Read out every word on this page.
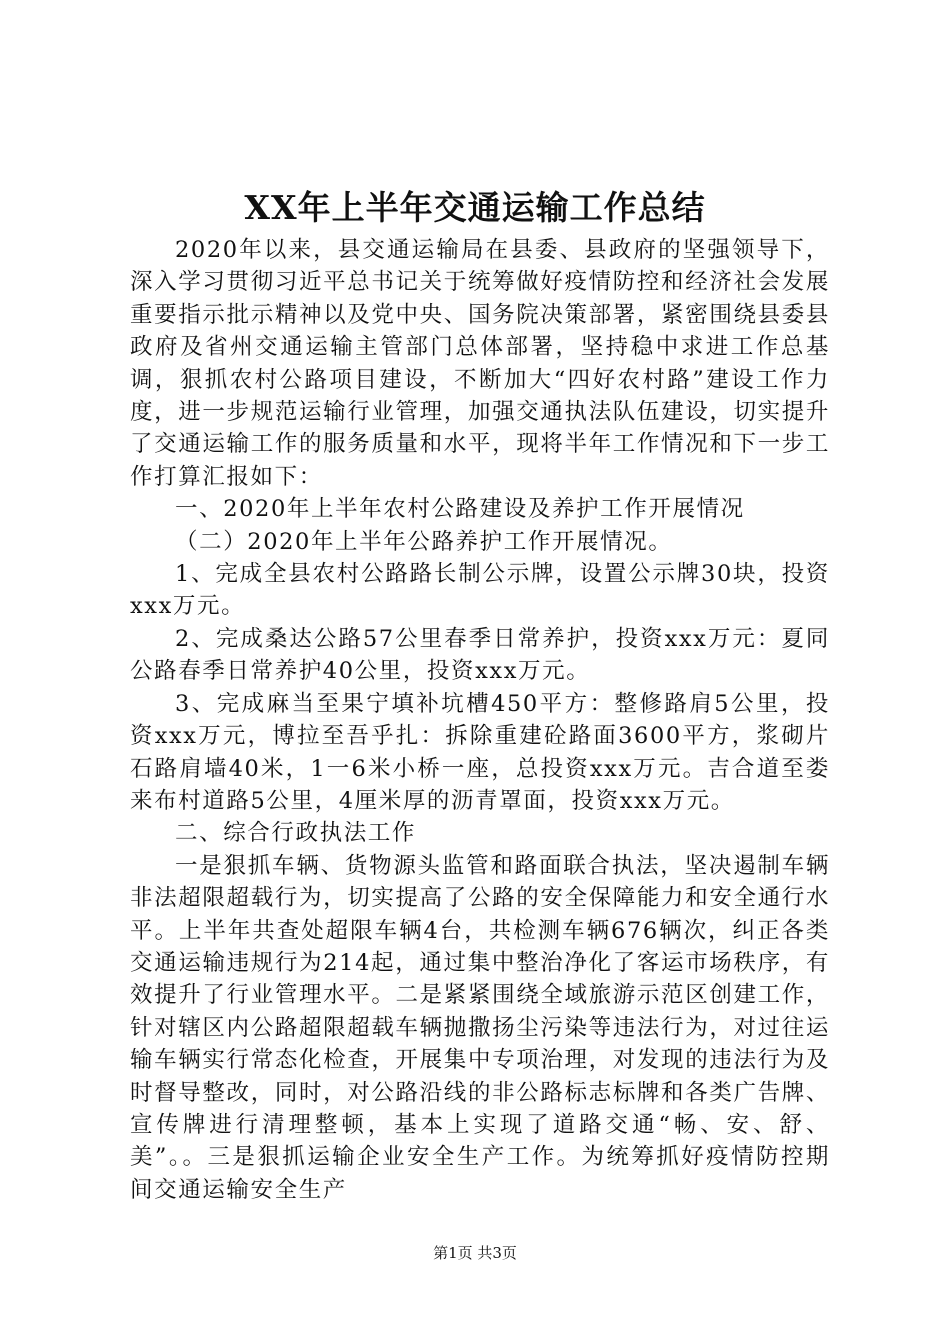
XX年上半年交通运输工作总结

2020年以来，县交通运输局在县委、县政府的坚强领导下，深入学习贯彻习近平总书记关于统筹做好疫情防控和经济社会发展重要指示批示精神以及党中央、国务院决策部署，紧密围绕县委县政府及省州交通运输主管部门总体部署，坚持稳中求进工作总基调，狠抓农村公路项目建设，不断加大“四好农村路”建设工作力度，进一步规范运输行业管理，加强交通执法队伍建设，切实提升了交通运输工作的服务质量和水平，现将半年工作情况和下一步工作打算汇报如下：

一、2020年上半年农村公路建设及养护工作开展情况

（二）2020年上半年公路养护工作开展情况。

1、完成全县农村公路路长制公示牌，设置公示牌30块，投资xxx万元。

2、完成桑达公路57公里春季日常养护，投资xxx万元：夏同公路春季日常养护40公里，投资xxx万元。

3、完成麻当至果宁填补坑槽450平方：整修路肩5公里，投资xxx万元，博拉至吾乎扎：拆除重建砼路面3600平方，浆砌片石路肩墙40米，1一6米小桥一座，总投资xxx万元。吉合道至娄来布村道路5公里，4厘米厚的沥青罩面，投资xxx万元。

二、综合行政执法工作

一是狠抓车辆、货物源头监管和路面联合执法，坚决遏制车辆非法超限超载行为，切实提高了公路的安全保障能力和安全通行水平。上半年共查处超限车辆4台，共检测车辆676辆次，纠正各类交通运输违规行为214起，通过集中整治净化了客运市场秩序，有效提升了行业管理水平。二是紧紧围绕全域旅游示范区创建工作，针对辖区内公路超限超载车辆抛撒扬尘污染等违法行为，对过往运输车辆实行常态化检查，开展集中专项治理，对发现的违法行为及时督导整改，同时，对公路沿线的非公路标志标牌和各类广告牌、宣传牌进行清理整顿，基本上实现了道路交通“畅、安、舒、美”。。三是狠抓运输企业安全生产工作。为统筹抓好疫情防控期间交通运输安全生产

第1页 共3页
